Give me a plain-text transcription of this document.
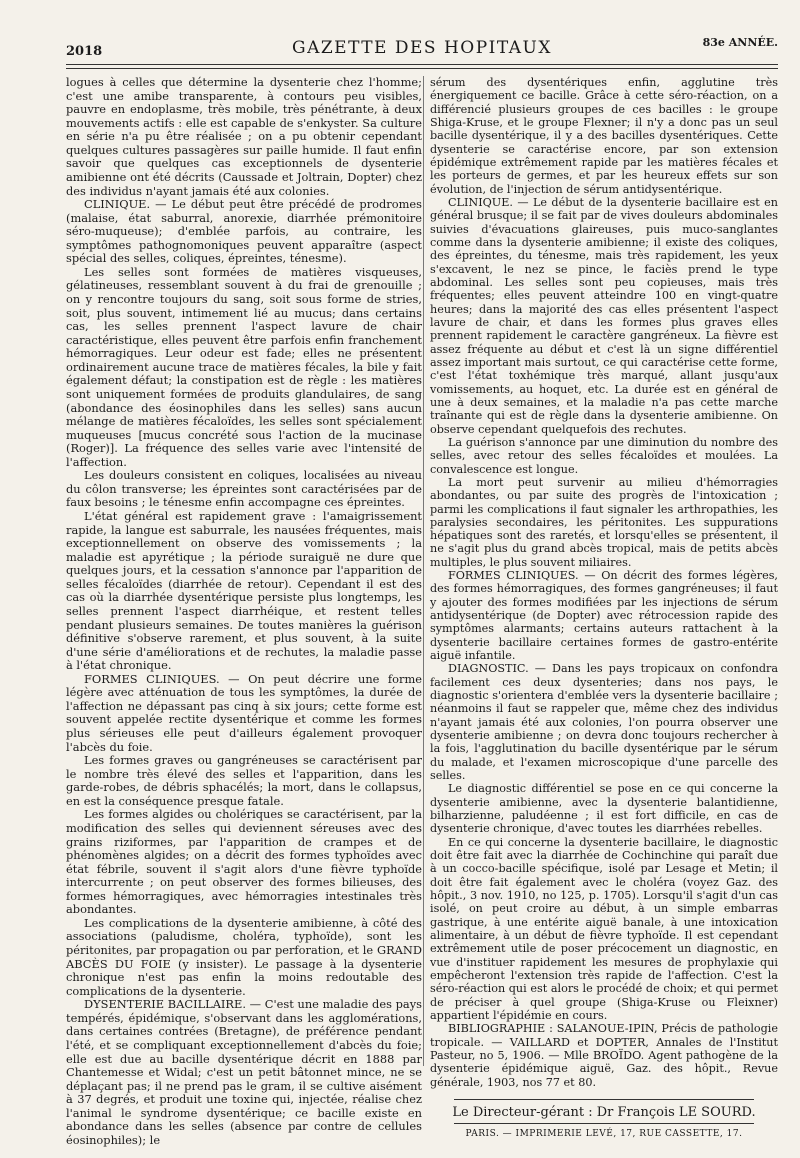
2018	GAZETTE DES HOPITAUX	83e ANNÉE.

logues à celles que détermine la dysenterie chez l'homme; c'est une amibe transparente, à contours peu visibles, pauvre en endoplasme, très mobile, très pénétrante, à deux mouvements actifs : elle est capable de s'enkyster. Sa culture en série n'a pu être réalisée ; on a pu obtenir cependant quelques cultures passagères sur paille humide. Il faut enfin savoir que quelques cas exceptionnels de dysenterie amibienne ont été décrits (Caussade et Joltrain, Dopter) chez des individus n'ayant jamais été aux colonies.

CLINIQUE. — Le début peut être précédé de prodromes (malaise, état saburral, anorexie, diarrhée prémonitoire séro-muqueuse); d'emblée parfois, au contraire, les symptômes pathognomoniques peuvent apparaître (aspect spécial des selles, coliques, épreintes, ténesme).

Les selles sont formées de matières visqueuses, gélatineuses, ressemblant souvent à du frai de grenouille ; on y rencontre toujours du sang, soit sous forme de stries, soit, plus souvent, intimement lié au mucus; dans certains cas, les selles prennent l'aspect lavure de chair caractéristique, elles peuvent être parfois enfin franchement hémorragiques. Leur odeur est fade; elles ne présentent ordinairement aucune trace de matières fécales, la bile y fait également défaut; la constipation est de règle : les matières sont uniquement formées de produits glandulaires, de sang (abondance des éosinophiles dans les selles) sans aucun mélange de matières fécaloïdes, les selles sont spécialement muqueuses [mucus concrété sous l'action de la mucinase (Roger)]. La fréquence des selles varie avec l'intensité de l'affection.

Les douleurs consistent en coliques, localisées au niveau du côlon transverse; les épreintes sont caractérisées par de faux besoins ; le ténesme enfin accompagne ces épreintes.

L'état général est rapidement grave : l'amaigrissement rapide, la langue est saburrale, les nausées fréquentes, mais exceptionnellement on observe des vomissements ; la maladie est apyrétique ; la période suraiguë ne dure que quelques jours, et la cessation s'annonce par l'apparition de selles fécaloïdes (diarrhée de retour). Cependant il est des cas où la diarrhée dysentérique persiste plus longtemps, les selles prennent l'aspect diarrhéique, et restent telles pendant plusieurs semaines. De toutes manières la guérison définitive s'observe rarement, et plus souvent, à la suite d'une série d'améliorations et de rechutes, la maladie passe à l'état chronique.

FORMES CLINIQUES. — On peut décrire une forme légère avec atténuation de tous les symptômes, la durée de l'affection ne dépassant pas cinq à six jours; cette forme est souvent appelée rectite dysentérique et comme les formes plus sérieuses elle peut d'ailleurs également provoquer l'abcès du foie.

Les formes graves ou gangréneuses se caractérisent par le nombre très élevé des selles et l'apparition, dans les garde-robes, de débris sphacélés; la mort, dans le collapsus, en est la conséquence presque fatale.

Les formes algides ou cholériques se caractérisent, par la modification des selles qui deviennent séreuses avec des grains riziformes, par l'apparition de crampes et de phénomènes algides; on a décrit des formes typhoïdes avec état fébrile, souvent il s'agit alors d'une fièvre typhoïde intercurrente ; on peut observer des formes bilieuses, des formes hémorragiques, avec hémorragies intestinales très abondantes.

Les complications de la dysenterie amibienne, à côté des associations (paludisme, choléra, typhoïde), sont les péritonites, par propagation ou par perforation, et le GRAND ABCÈS DU FOIE (y insister). Le passage à la dysenterie chronique n'est pas enfin la moins redoutable des complications de la dysenterie.

DYSENTERIE BACILLAIRE. — C'est une maladie des pays tempérés, épidémique, s'observant dans les agglomérations, dans certaines contrées (Bretagne), de préférence pendant l'été, et se compliquant exceptionnellement d'abcès du foie; elle est due au bacille dysentérique décrit en 1888 par Chantemesse et Widal; c'est un petit bâtonnet mince, ne se déplaçant pas; il ne prend pas le gram, il se cultive aisément à 37 degrés, et produit une toxine qui, injectée, réalise chez l'animal le syndrome dysentérique; ce bacille existe en abondance dans les selles (absence par contre de cellules éosinophiles); le

sérum des dysentériques enfin, agglutine très énergiquement ce bacille. Grâce à cette séro-réaction, on a différencié plusieurs groupes de ces bacilles : le groupe Shiga-Kruse, et le groupe Flexner; il n'y a donc pas un seul bacille dysentérique, il y a des bacilles dysentériques. Cette dysenterie se caractérise encore, par son extension épidémique extrêmement rapide par les matières fécales et les porteurs de germes, et par les heureux effets sur son évolution, de l'injection de sérum antidysentérique.

CLINIQUE. — Le début de la dysenterie bacillaire est en général brusque; il se fait par de vives douleurs abdominales suivies d'évacuations glaireuses, puis muco-sanglantes comme dans la dysenterie amibienne; il existe des coliques, des épreintes, du ténesme, mais très rapidement, les yeux s'excavent, le nez se pince, le faciès prend le type abdominal. Les selles sont peu copieuses, mais très fréquentes; elles peuvent atteindre 100 en vingt-quatre heures; dans la majorité des cas elles présentent l'aspect lavure de chair, et dans les formes plus graves elles prennent rapidement le caractère gangréneux. La fièvre est assez fréquente au début et c'est là un signe différentiel assez important mais surtout, ce qui caractérise cette forme, c'est l'état toxhémique très marqué, allant jusqu'aux vomissements, au hoquet, etc. La durée est en général de une à deux semaines, et la maladie n'a pas cette marche traînante qui est de règle dans la dysenterie amibienne. On observe cependant quelquefois des rechutes.

La guérison s'annonce par une diminution du nombre des selles, avec retour des selles fécaloïdes et moulées. La convalescence est longue.

La mort peut survenir au milieu d'hémorragies abondantes, ou par suite des progrès de l'intoxication ; parmi les complications il faut signaler les arthropathies, les paralysies secondaires, les péritonites. Les suppurations hépatiques sont des raretés, et lorsqu'elles se présentent, il ne s'agit plus du grand abcès tropical, mais de petits abcès multiples, le plus souvent miliaires.

FORMES CLINIQUES. — On décrit des formes légères, des formes hémorragiques, des formes gangréneuses; il faut y ajouter des formes modifiées par les injections de sérum antidysentérique (de Dopter) avec rétrocession rapide des symptômes alarmants; certains auteurs rattachent à la dysenterie bacillaire certaines formes de gastro-entérite aiguë infantile.

DIAGNOSTIC. — Dans les pays tropicaux on confondra facilement ces deux dysenteries; dans nos pays, le diagnostic s'orientera d'emblée vers la dysenterie bacillaire ; néanmoins il faut se rappeler que, même chez des individus n'ayant jamais été aux colonies, l'on pourra observer une dysenterie amibienne ; on devra donc toujours rechercher à la fois, l'agglutination du bacille dysentérique par le sérum du malade, et l'examen microscopique d'une parcelle des selles.

Le diagnostic différentiel se pose en ce qui concerne la dysenterie amibienne, avec la dysenterie balantidienne, bilharzienne, paludéenne ; il est fort difficile, en cas de dysenterie chronique, d'avec toutes les diarrhées rebelles.

En ce qui concerne la dysenterie bacillaire, le diagnostic doit être fait avec la diarrhée de Cochinchine qui paraît due à un cocco-bacille spécifique, isolé par Lesage et Metin; il doit être fait également avec le choléra (voyez Gaz. des hôpit., 3 nov. 1910, no 125, p. 1705). Lorsqu'il s'agit d'un cas isolé, on peut croire au début, à un simple embarras gastrique, à une entérite aiguë banale, à une intoxication alimentaire, à un début de fièvre typhoïde. Il est cependant extrêmement utile de poser précocement un diagnostic, en vue d'instituer rapidement les mesures de prophylaxie qui empêcheront l'extension très rapide de l'affection. C'est la séro-réaction qui est alors le procédé de choix; et qui permet de préciser à quel groupe (Shiga-Kruse ou Fleixner) appartient l'épidémie en cours.

BIBLIOGRAPHIE : SALANOUE-IPIN, Précis de pathologie tropicale. — VAILLARD et DOPTER, Annales de l'Institut Pasteur, no 5, 1906. — Mlle BROÏDO. Agent pathogène de la dysenterie épidémique aiguë, Gaz. des hôpit., Revue générale, 1903, nos 77 et 80.

Le Directeur-gérant : Dr François LE SOURD.
PARIS. — IMPRIMERIE LEVÉ, 17, RUE CASSETTE, 17.
